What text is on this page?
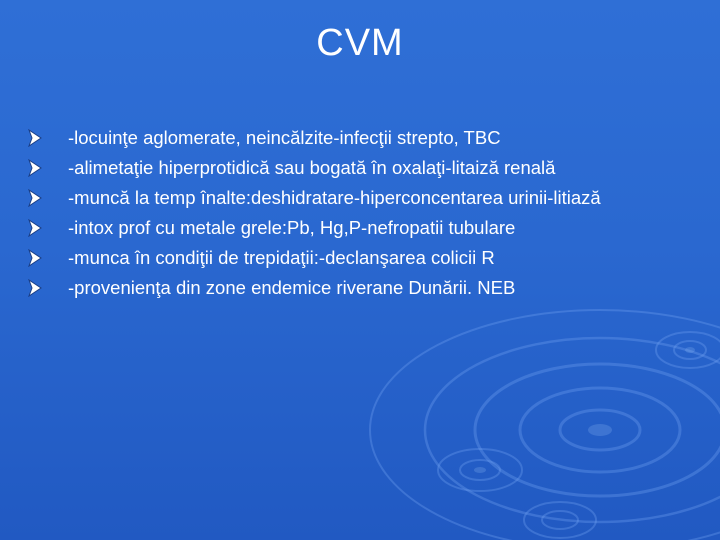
CVM
-locuinţe aglomerate, neincălzite-infecţii strepto, TBC
-alimetaţie hiperprotidică sau bogată în oxalaţi-litaiză renală
-muncă la temp înalte:deshidratare-hiperconcentarea urinii-litiază
-intox prof cu metale grele:Pb, Hg,P-nefropatii tubulare
-munca în condiţii de trepidaţii:-declanşarea colicii R
-provenienţa din zone endemice riverane Dunării. NEB
